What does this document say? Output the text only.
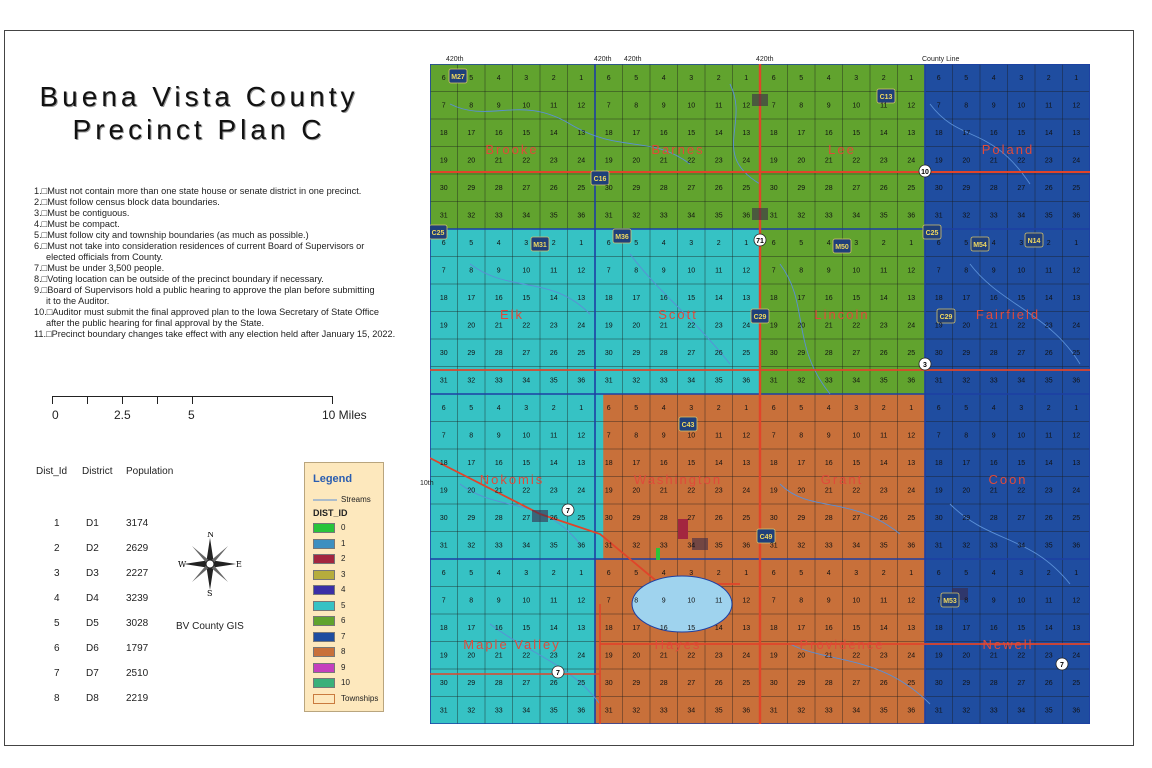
Buena Vista County
Precinct Plan C
1.□Must not contain more than one state house or senate district in one precinct.
2.□Must follow census block data boundaries.
3.□Must be contiguous.
4.□Must be compact.
5.□Must follow city and township boundaries (as much as possible.)
6.□Must not take into consideration residences of current Board of Supervisors or
elected officials from County.
7.□Must be under 3,500 people.
8.□Voting location can be outside of the precinct boundary if necessary.
9.□Board of Supervisors hold a public hearing to approve the plan before submitting
it to the Auditor.
10.□Auditor must submit the final approved plan to the Iowa Secretary of State Office
after the public hearing for final approval by the State.
11.□Precinct boundary changes take effect with any election held after January 15, 2022.
0	2.5	5	10 Miles
Dist_Id District Population
1	D1	3174
2	D2	2629
3	D3	2227
4	D4	3239
5	D5	3028
6	D6	1797
7	D7	2510
8	D8	2219
N
S
E
W
BV County GIS
Legend
Streams
DIST_ID
0
1
2
3
4
5
6
7
8
9
10
Townships
Brooke	Barnes	Lee	Poland
Elk	Scott	Lincoln	Fairfield
Nokomis	Washington	Grant	Coon
Maple Valley	Hayes	Providence	Newell
M27
C13
C16
C25
M31
M36
M50
C25
M54
N14
C29	C29
C43
C49
M53
71
10
3
7
7
7
6	5	4	3	2	1
7	8	9	10	11	12
18	17	16	15	14	13
19	20	21	22	23	24
30	29	28	27	26	25
31	32	33	34	35	36
6	5	4	3	2	1
7	8	9	10	11	12
18	17	16	15	14	13
19	20	21	22	23	24
30	29	28	27	26	25
31	32	33	34	35	36
6	5	4	3	2	1
7	8	9	10	11	12
18	17	16	15	14	13
19	20	21	22	23	24
30	29	28	27	26	25
31	32	33	34	35	36
6	5	4	3	2	1
7	8	9	10	11	12
18	17	16	15	14	13
19	20	21	22	23	24
30	29	28	27	26	25
31	32	33	34	35	36
6	5	4	3	2	1
7	8	9	10	11	12
18	17	16	15	14	13
19	20	21	22	23	24
30	29	28	27	26	25
31	32	33	34	35	36
6	5	4	3	2	1
7	8	9	10	11	12
18	17	16	15	14	13
19	20	21	22	23	24
30	29	28	27	26	25
31	32	33	34	35	36
6	5	4	3	2	1
7	8	9	10	11	12
18	17	16	15	14	13
19	20	21	22	23	24
30	29	28	27	26	25
31	32	33	34	35	36
6	5	4	3	2	1
7	8	9	10	11	12
18	17	16	15	14	13
19	20	21	22	23	24
30	29	28	27	26	25
31	32	33	34	35	36
6	5	4	3	2	1
7	8	9	10	11	12
18	17	16	15	14	13
19	20	21	22	23	24
30	29	28	27	26	25
31	32	33	34	35	36
6	5	4	3	2	1
7	8	9	10	11	12
18	17	16	15	14	13
19	20	21	22	23	24
30	29	28	27	26	25
31	32	33	34	35	36
6	5	4	3	2	1
7	8	9	10	11	12
18	17	16	15	14	13
19	20	21	22	23	24
30	29	28	27	26	25
31	32	33	34	35	36
6	5	4	3	2	1
7	8	9	10	11	12
18	17	16	15	14	13
19	20	21	22	23	24
30	29	28	27	26	25
31	32	33	34	35	36
6	5	4	3	2	1
7	8	9	10	11	12
18	17	16	15	14	13
19	20	21	22	23	24
30	29	28	27	26	25
31	32	33	34	35	36
6	5	4	3	2	1
7	8	9	10	11	12
18	17	16	15	14	13
19	20	21	22	23	24
30	29	28	27	26	25
31	32	33	34	35	36
6	5	4	3	2	1
7	8	9	10	11	12
18	17	16	15	14	13
19	20	21	22	23	24
30	29	28	27	26	25
31	32	33	34	35	36
6	5	4	3	2	1
7	8	9	10	11	12
18	17	16	15	14	13
19	20	21	22	23	24
30	29	28	27	26	25
31	32	33	34	35	36
420th	420th 420th	420th	County Line
10th
